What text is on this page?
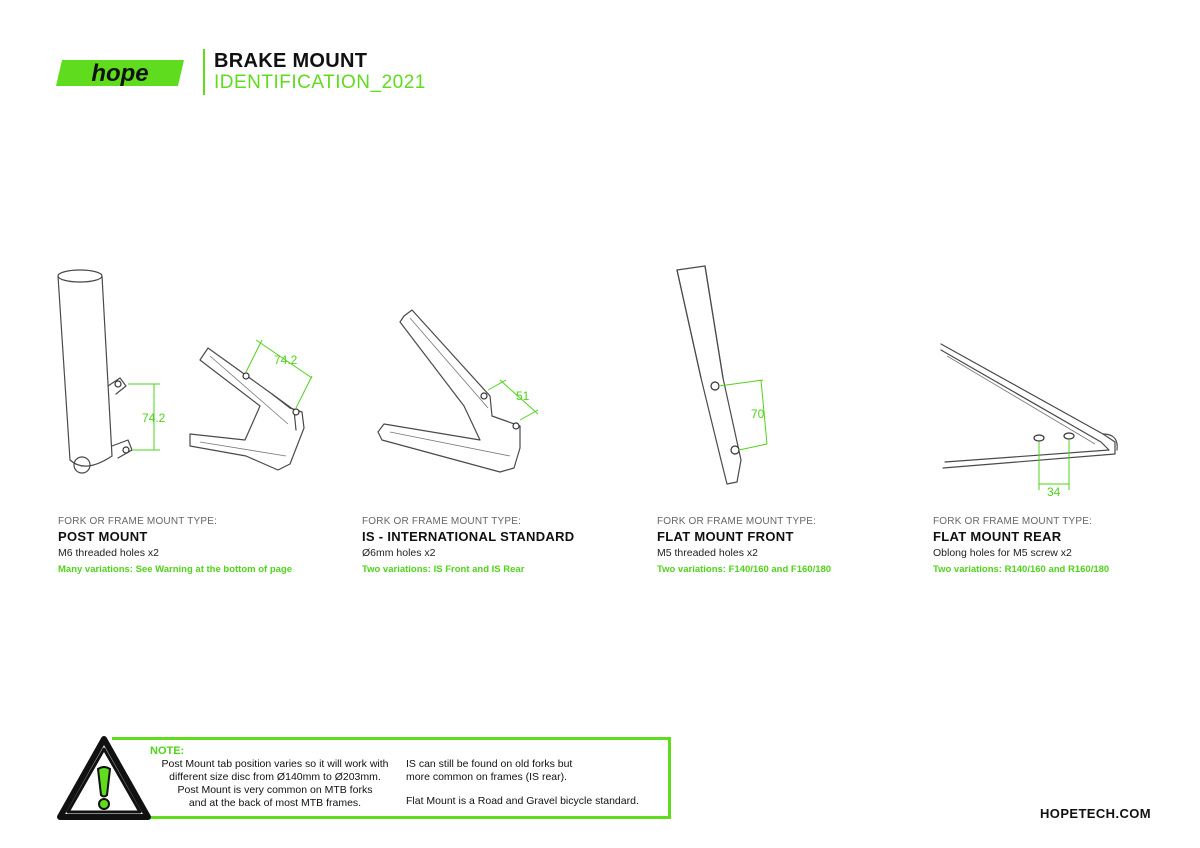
hope	BRAKE MOUNT
IDENTIFICATION_2021
74.2
74.2
51
70
34
FORK OR FRAME MOUNT TYPE:
POST MOUNT
M6 threaded holes x2
Many variations: See Warning at the bottom of page
FORK OR FRAME MOUNT TYPE:
IS - INTERNATIONAL STANDARD
Ø6mm holes x2
Two variations: IS Front and IS Rear
FORK OR FRAME MOUNT TYPE:
FLAT MOUNT FRONT
M5 threaded holes x2
Two variations: F140/160 and F160/180
FORK OR FRAME MOUNT TYPE:
FLAT MOUNT REAR
Oblong holes for M5 screw x2
Two variations: R140/160 and R160/180
NOTE:
Post Mount tab position varies so it will work with
different size disc from Ø140mm to Ø203mm.
Post Mount is very common on MTB forks
and at the back of most MTB frames.

IS can still be found on old forks but
more common on frames (IS rear).

Flat Mount is a Road and Gravel bicycle standard.

HOPETECH.COM
